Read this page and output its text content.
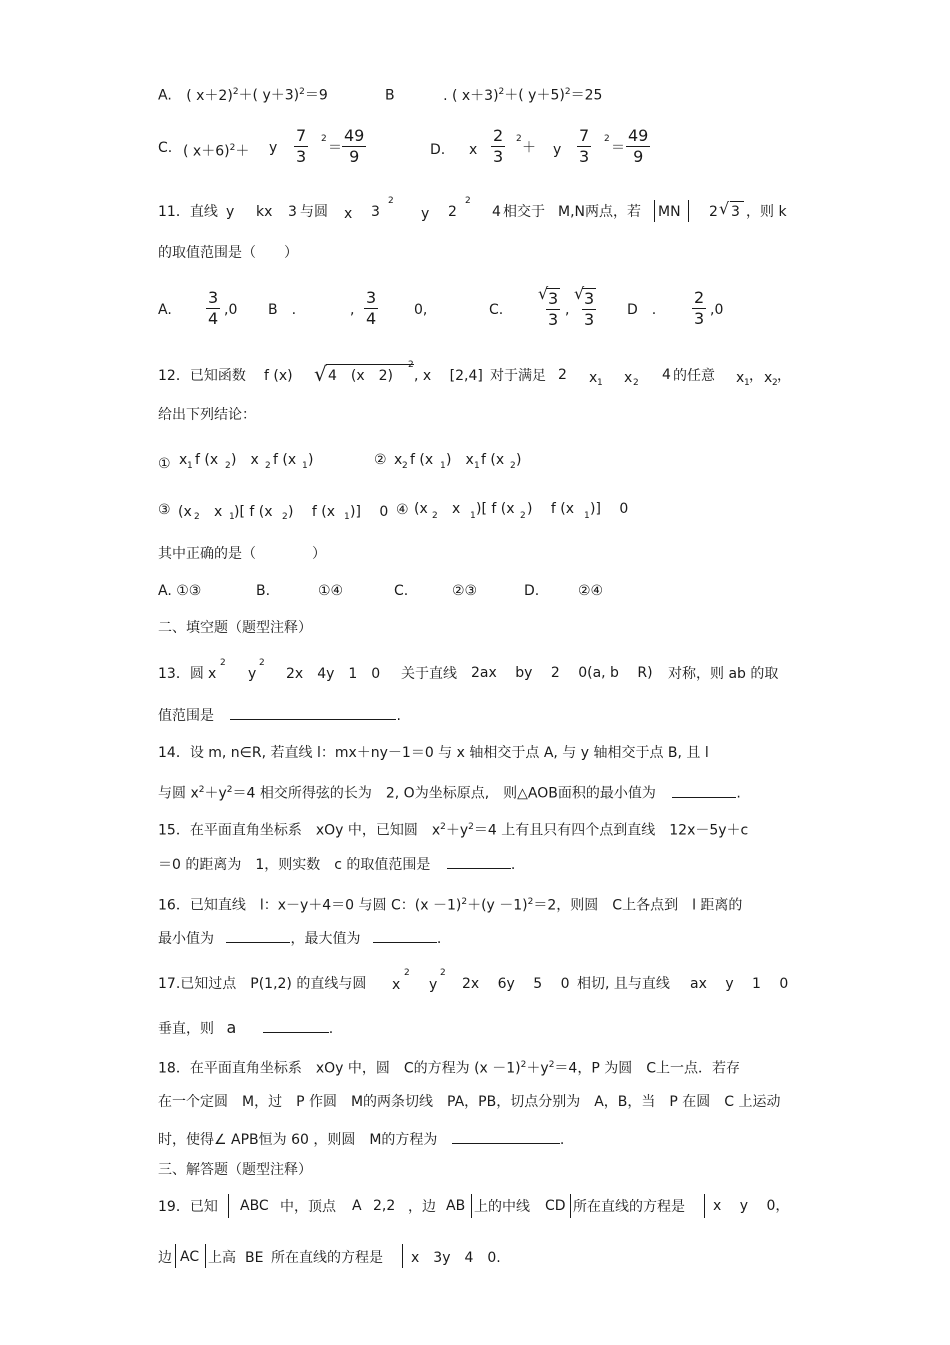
A. ( x＋2)$^2$＋( y＋3)$^2$＝9	B	. ( x＋3)$^2$＋( y＋5)$^2$＝25
C. ( x＋6)$^2$＋ y $\frac{7}{3} 2$
＝ $\frac{49}{9}$	D. x $\frac{2}{3} 2$
＋ y $\frac{7}{3} 2$
＝ $\frac{49}{9}$
11．直线 y kx 3 与圆 x 3
2
y 2
2
4 相交于 M,N两点，若 MN 2 √ 3 ，则 k
的取值范围是（　　）
A. $\frac{3}{4} ,0$ B　.	, $\frac{3}{4}$	0,	C.
√
$\frac{3}{3}$ ,
√
$\frac{3}{3}$ D　. $\frac{2}{3} ,0$
12．已知函数 f (x) √ 4　(x　2)
2
, x　 [2,4] 对于满足 2 x 1 x 2 4 的任意 x 1 ， x 2 ，
给出下列结论：
① x 1 f (x 2 )　x 2 f (x 1 )	② x 2 f (x 1 )　x 1 f (x 2 )
③ (x 2 　x 1 )[ f (x 2 )　 f (x 1 )]　 0 ④ (x 2 　x 1 )[ f (x 2 )　 f (x 1 )]　 0
其中正确的是（　　　　）
A. ①③	B.	①④	C.	②③	D.	②④
二、填空题（题型注释）
13．圆 x
2
y
2
2x　4y　1　0 关于直线 2ax　 by　 2　 0(a, b　 R) 对称，则 ab 的取
值范围是	.
14．设 m, n∈R, 若直线 l：mx＋ny－1＝0 与 x 轴相交于点 A, 与 y 轴相交于点 B, 且 l
与圆 $x^2+y^2=4$ 相交所得弦的长为　2, O为坐标原点,　则△AOB面积的最小值为	.
15．在平面直角坐标系　xOy 中，已知圆　$x^2+y^2=4$ 上有且只有四个点到直线　12x－5y＋c
＝0 的距离为　1，则实数　c 的取值范围是	.
16．已知直线　l：x－y＋4＝0 与圆 C：$(x -1)^2+(y -1)^2=2$，则圆　C上各点到　l 距离的
最小值为	，最大值为	.
17.已知过点　P(1,2) 的直线与圆 x
2
y
2
2x　 6y　 5　 0 相切, 且与直线 ax　 y　 1　 0
垂直，则 a	.
18．在平面直角坐标系　xOy 中，圆　C的方程为 $(x -1)^2+y^2=4$，P 为圆　C上一点．若存
在一个定圆　M，过　P 作圆　M的两条切线　PA，PB，切点分别为　A，B，当　P 在圆　C 上运动
时，使得∠ APB恒为 60 ，则圆　M的方程为	.
三、解答题（题型注释）
19．已知 ABC 中，顶点 A 2,2 ，边 AB 上的中线 CD 所在直线的方程是 x　 y　 0，
边 AC 上高 BE 所在直线的方程是 x　3y　4　0.
